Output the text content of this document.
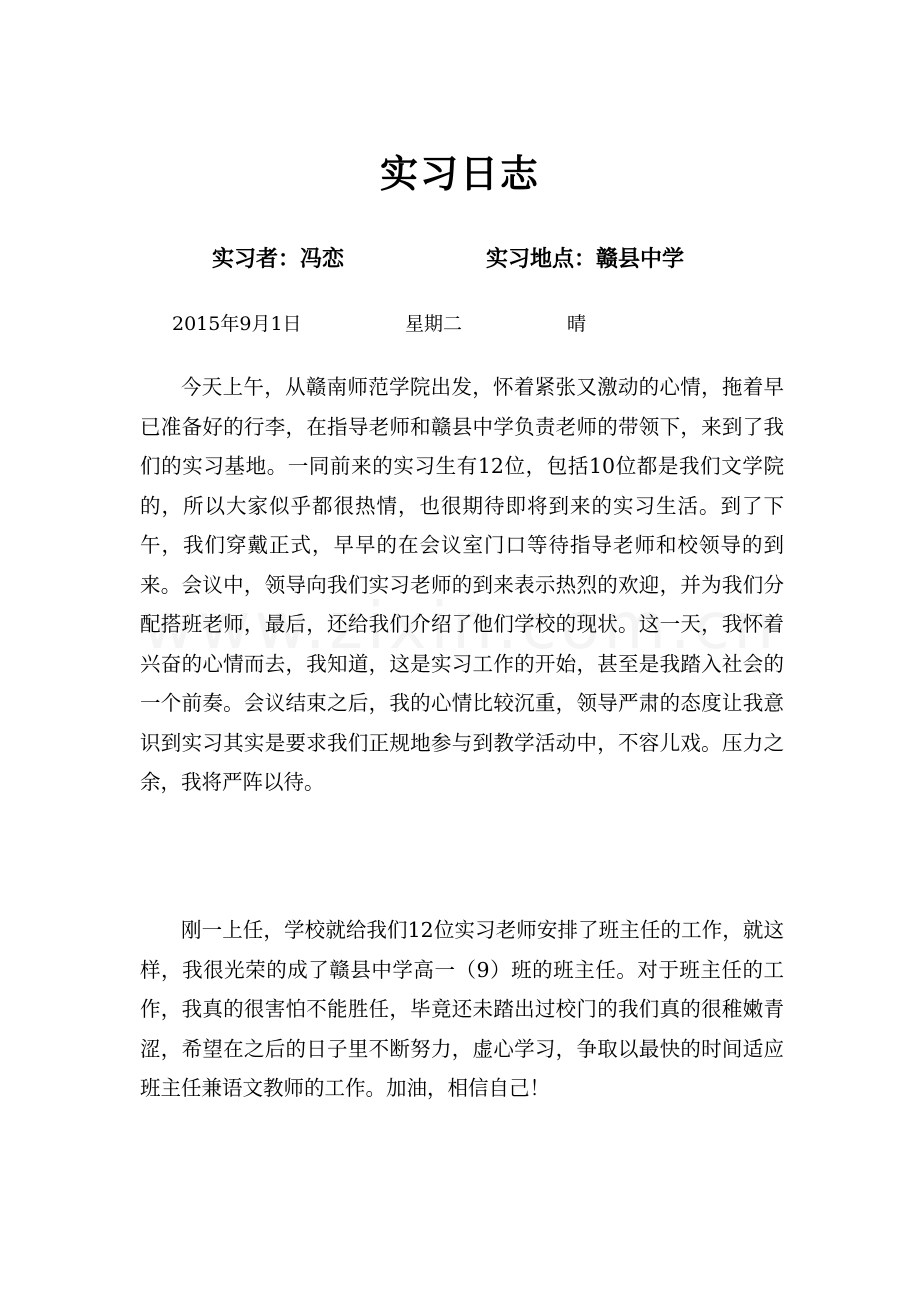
实习日志
实习者：冯恋	实习地点：赣县中学
2015年9月1日	星期二	晴

今天上午，从赣南师范学院出发，怀着紧张又激动的心情，拖着早已准备好的行李，在指导老师和赣县中学负责老师的带领下，来到了我们的实习基地。一同前来的实习生有12位，包括10位都是我们文学院的，所以大家似乎都很热情，也很期待即将到来的实习生活。到了下午，我们穿戴正式，早早的在会议室门口等待指导老师和校领导的到来。会议中，领导向我们实习老师的到来表示热烈的欢迎，并为我们分配搭班老师，最后，还给我们介绍了他们学校的现状。这一天，我怀着兴奋的心情而去，我知道，这是实习工作的开始，甚至是我踏入社会的一个前奏。会议结束之后，我的心情比较沉重，领导严肃的态度让我意识到实习其实是要求我们正规地参与到教学活动中，不容儿戏。压力之余，我将严阵以待。

刚一上任，学校就给我们12位实习老师安排了班主任的工作，就这样，我很光荣的成了赣县中学高一（9）班的班主任。对于班主任的工作，我真的很害怕不能胜任，毕竟还未踏出过校门的我们真的很稚嫩青涩，希望在之后的日子里不断努力，虚心学习，争取以最快的时间适应班主任兼语文教师的工作。加油，相信自己！
